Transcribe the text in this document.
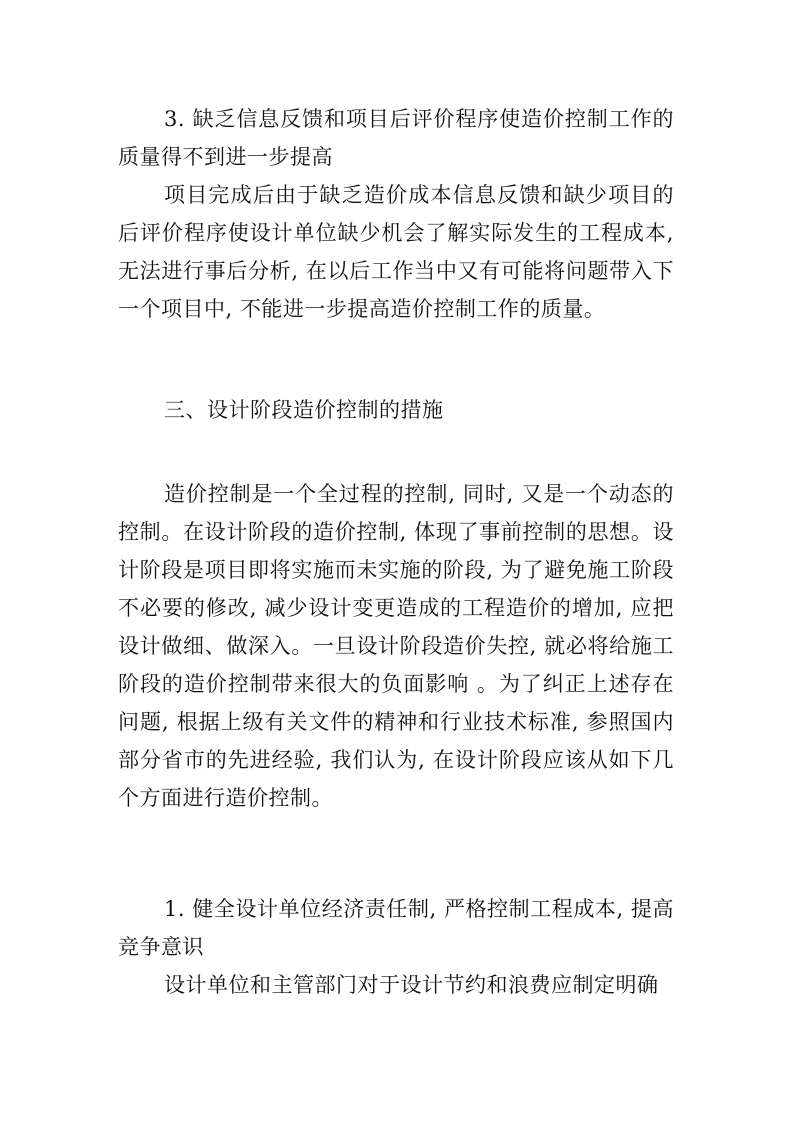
3. 缺乏信息反馈和项目后评价程序使造价控制工作的质量得不到进一步提高
项目完成后由于缺乏造价成本信息反馈和缺少项目的后评价程序使设计单位缺少机会了解实际发生的工程成本, 无法进行事后分析, 在以后工作当中又有可能将问题带入下一个项目中, 不能进一步提高造价控制工作的质量。
三、设计阶段造价控制的措施
造价控制是一个全过程的控制, 同时, 又是一个动态的控制。在设计阶段的造价控制, 体现了事前控制的思想。设计阶段是项目即将实施而未实施的阶段, 为了避免施工阶段不必要的修改, 减少设计变更造成的工程造价的增加, 应把设计做细、做深入。一旦设计阶段造价失控, 就必将给施工阶段的造价控制带来很大的负面影响 。为了纠正上述存在问题, 根据上级有关文件的精神和行业技术标准, 参照国内部分省市的先进经验, 我们认为, 在设计阶段应该从如下几个方面进行造价控制。
1. 健全设计单位经济责任制, 严格控制工程成本, 提高竞争意识
设计单位和主管部门对于设计节约和浪费应制定明确
